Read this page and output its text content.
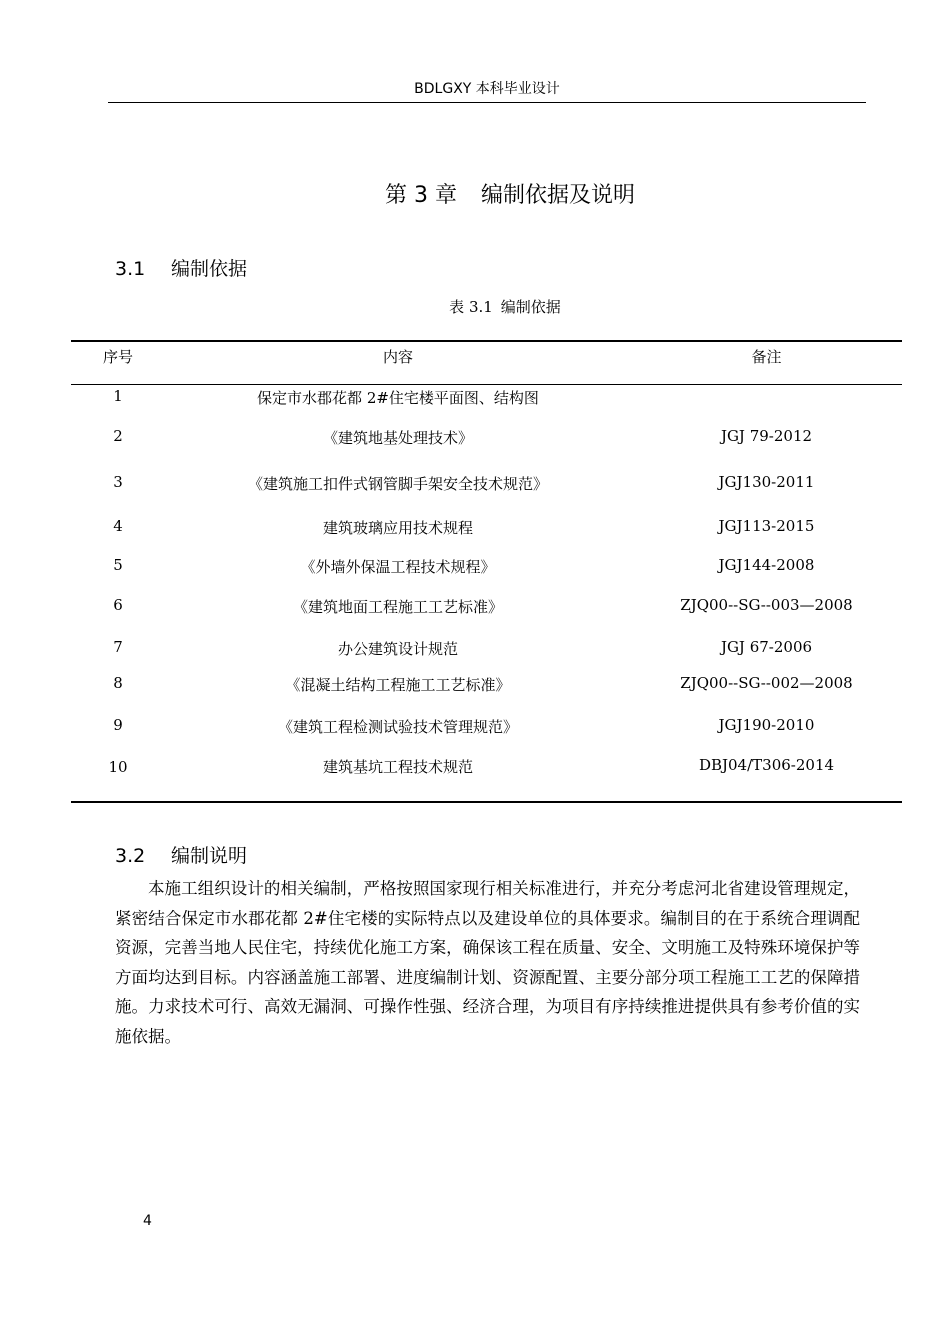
BDLGXY 本科毕业设计
第 3 章 编制依据及说明
3.1 编制依据
表 3.1 编制依据
序号	内容	备注
1	保定市水郡花都 2#住宅楼平面图、结构图	
2	《建筑地基处理技术》	JGJ 79-2012
3	《建筑施工扣件式钢管脚手架安全技术规范》	JGJ130-2011
4	建筑玻璃应用技术规程	JGJ113-2015
5	《外墙外保温工程技术规程》	JGJ144-2008
6	《建筑地面工程施工工艺标准》	ZJQ00--SG--003—2008
7	办公建筑设计规范	JGJ 67-2006
8	《混凝土结构工程施工工艺标准》	ZJQ00--SG--002—2008
9	《建筑工程检测试验技术管理规范》	JGJ190-2010
10	建筑基坑工程技术规范	DBJ04/T306-2014
3.2 编制说明

本施工组织设计的相关编制，严格按照国家现行相关标准进行，并充分考虑河北省建设管理规定，紧密结合保定市水郡花都 2#住宅楼的实际特点以及建设单位的具体要求。编制目的在于系统合理调配资源，完善当地人民住宅，持续优化施工方案，确保该工程在质量、安全、文明施工及特殊环境保护等方面均达到目标。内容涵盖施工部署、进度编制计划、资源配置、主要分部分项工程施工工艺的保障措施。力求技术可行、高效无漏洞、可操作性强、经济合理，为项目有序持续推进提供具有参考价值的实施依据。

4
